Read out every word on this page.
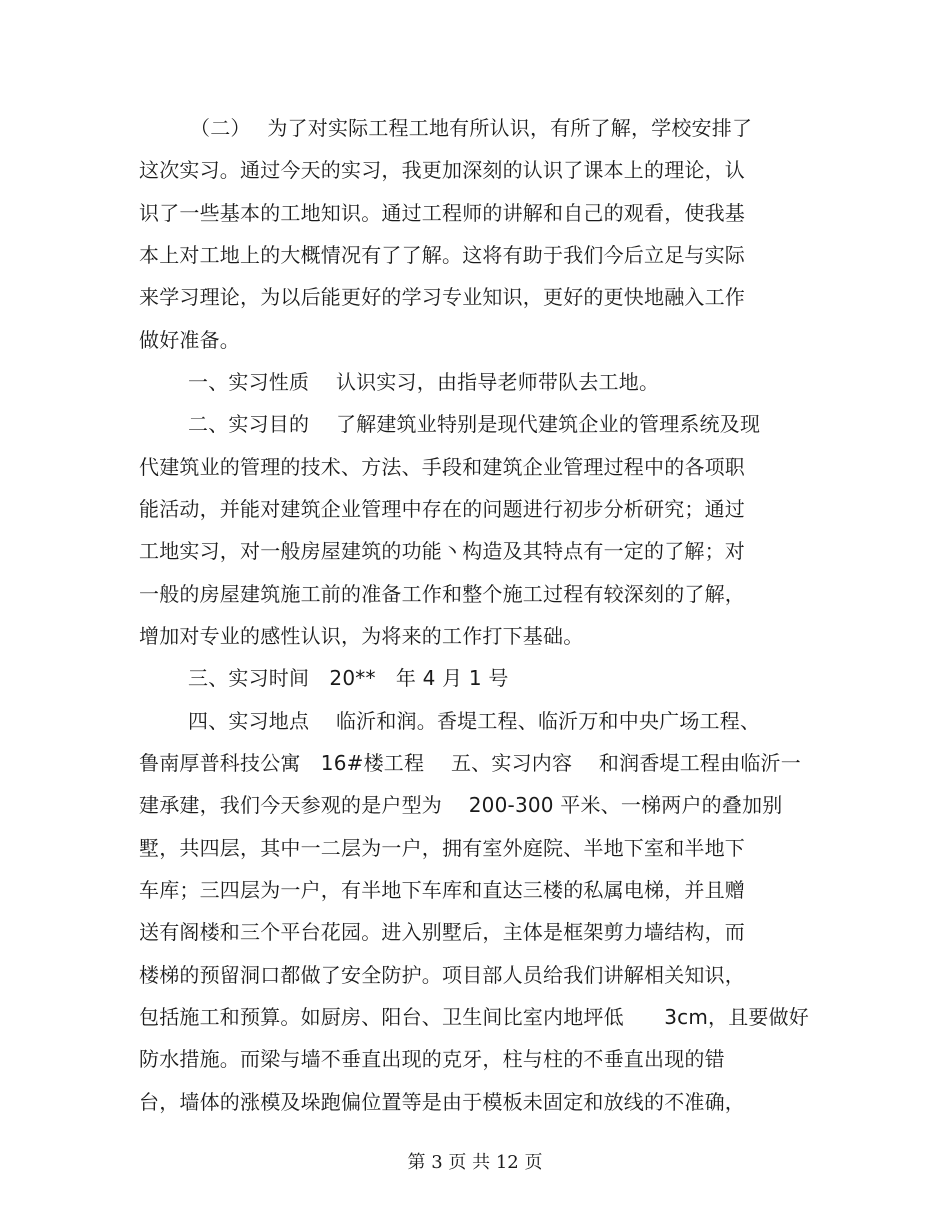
（二）　 为了对实际工程工地有所认识，有所了解，学校安排了
这次实习。通过今天的实习，我更加深刻的认识了课本上的理论，认
识了一些基本的工地知识。通过工程师的讲解和自己的观看，使我基
本上对工地上的大概情况有了了解。这将有助于我们今后立足与实际
来学习理论，为以后能更好的学习专业知识，更好的更快地融入工作
做好准备。
一、实习性质　 认识实习，由指导老师带队去工地。
二、实习目的　 了解建筑业特别是现代建筑企业的管理系统及现
代建筑业的管理的技术、方法、手段和建筑企业管理过程中的各项职
能活动，并能对建筑企业管理中存在的问题进行初步分析研究；通过
工地实习，对一般房屋建筑的功能丶构造及其特点有一定的了解；对
一般的房屋建筑施工前的准备工作和整个施工过程有较深刻的了解，
增加对专业的感性认识，为将来的工作打下基础。
三、实习时间　20**　年 4 月 1 号
四、实习地点　 临沂和润。香堤工程、临沂万和中央广场工程、
鲁南厚普科技公寓　16#楼工程　 五、实习内容　 和润香堤工程由临沂一
建承建，我们今天参观的是户型为　 200-300 平米、一梯两户的叠加别
墅，共四层，其中一二层为一户，拥有室外庭院、半地下室和半地下
车库；三四层为一户，有半地下车库和直达三楼的私属电梯，并且赠
送有阁楼和三个平台花园。进入别墅后，主体是框架剪力墙结构，而
楼梯的预留洞口都做了安全防护。项目部人员给我们讲解相关知识，
包括施工和预算。如厨房、阳台、卫生间比室内地坪低　　3cm，且要做好
防水措施。而梁与墙不垂直出现的克牙，柱与柱的不垂直出现的错
台，墙体的涨模及垛跑偏位置等是由于模板未固定和放线的不准确，
第 3 页 共 12 页
